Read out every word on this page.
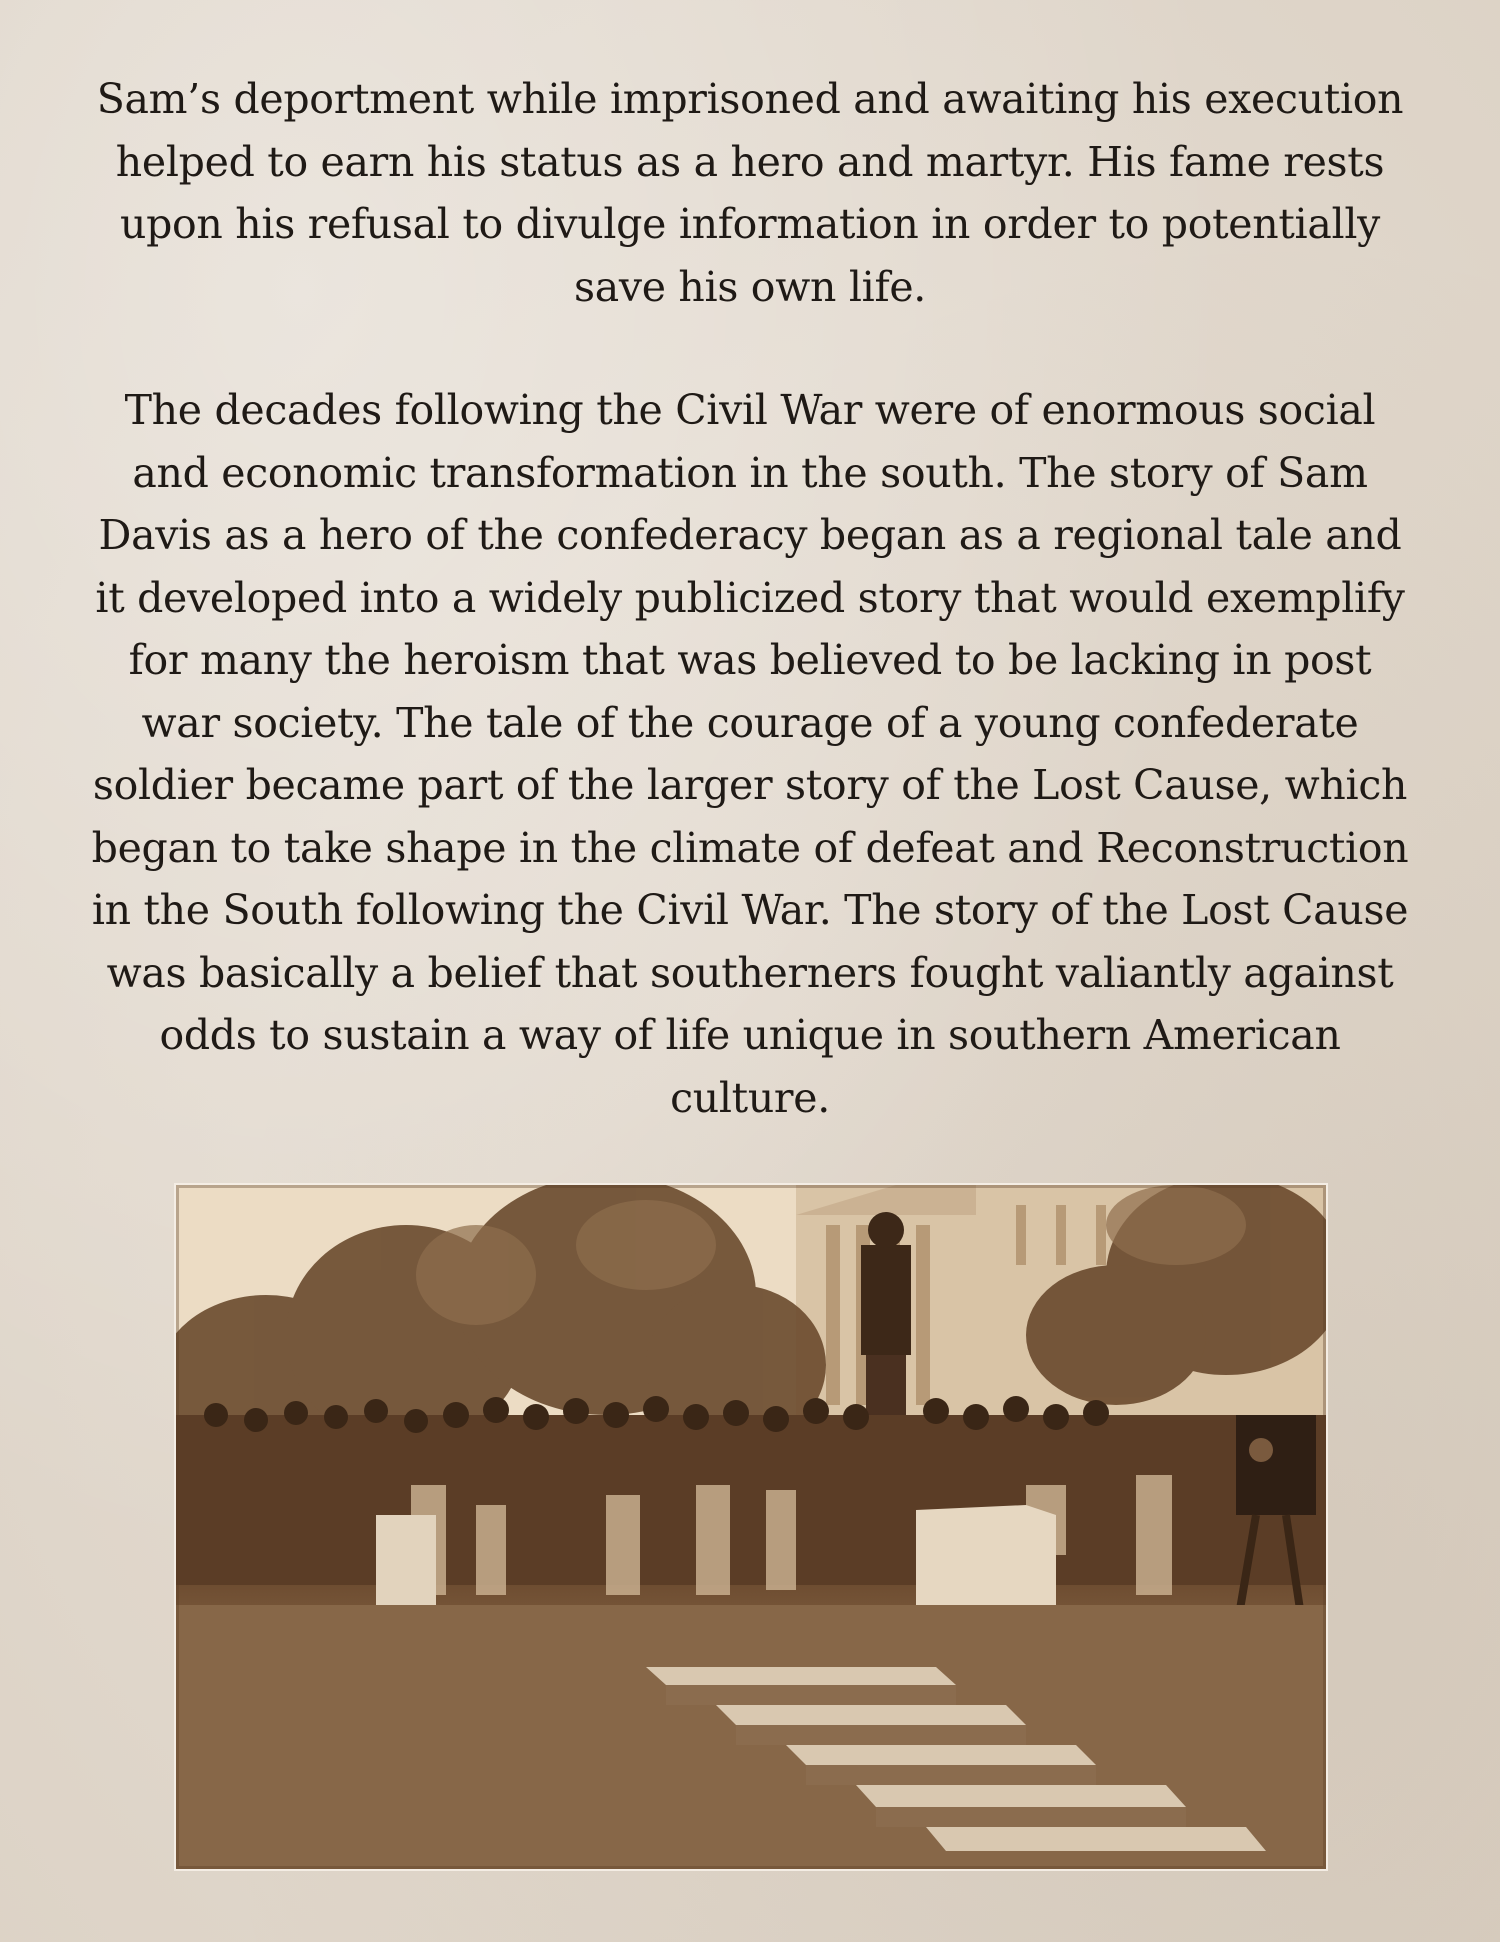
Sam’s deportment while imprisoned and awaiting his execution helped to earn his status as a hero and martyr. His fame rests upon his refusal to divulge information in order to potentially save his own life.

The decades following the Civil War were of enormous social and economic transformation in the south. The story of Sam Davis as a hero of the confederacy began as a regional tale and it developed into a widely publicized story that would exemplify for many the heroism that was believed to be lacking in post war society. The tale of the courage of a young confederate soldier became part of the larger story of the Lost Cause, which began to take shape in the climate of defeat and Reconstruction in the South following the Civil War. The story of the Lost Cause was basically a belief that southerners fought valiantly against odds to sustain a way of life unique in southern American culture.
